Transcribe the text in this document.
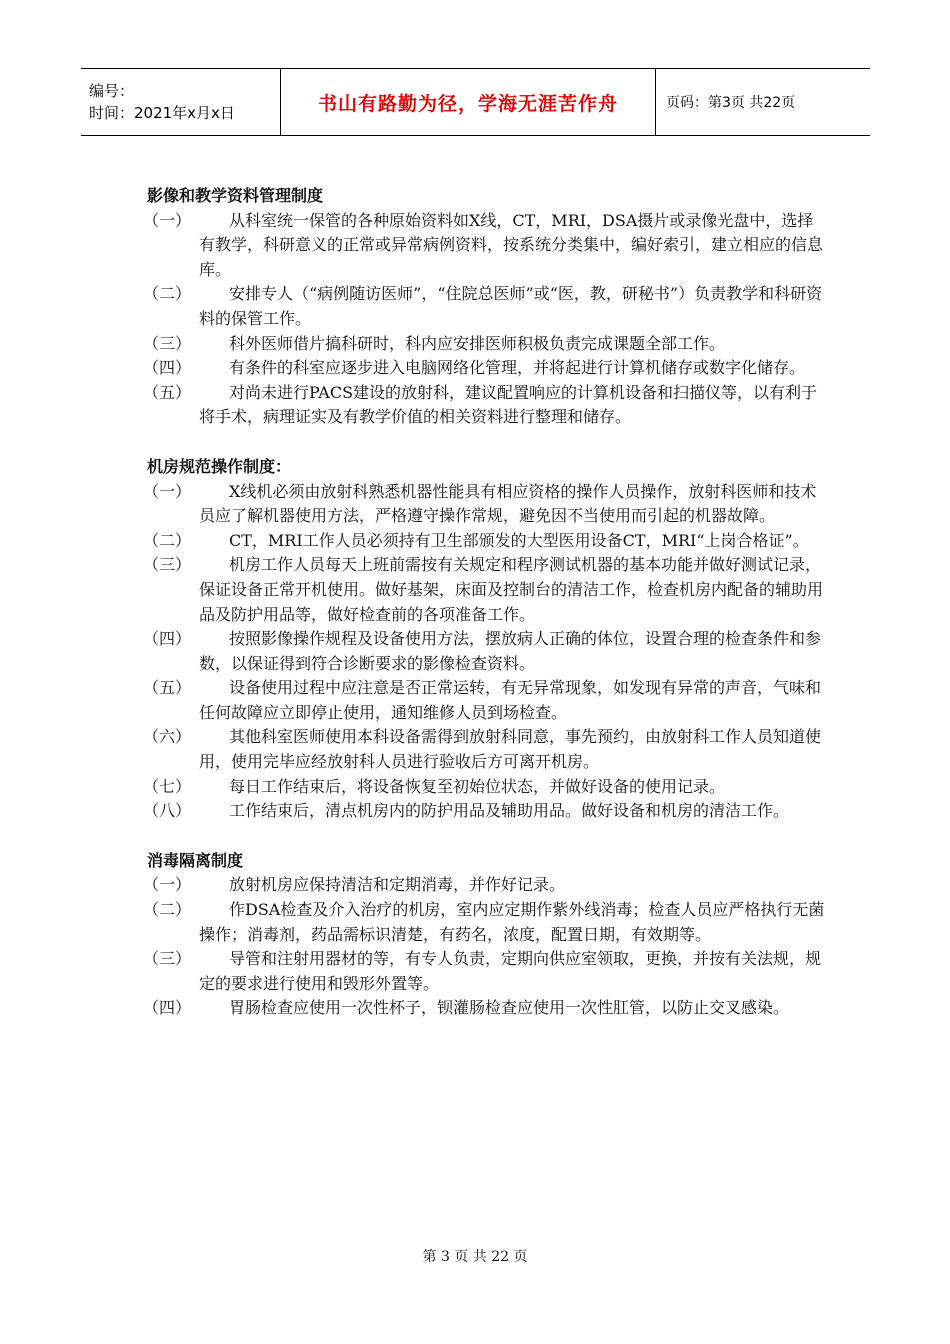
编号：
时间：2021年x月x日	书山有路勤为径，学海无涯苦作舟	页码：第3页 共22页
影像和教学资料管理制度
（一）	从科室统一保管的各种原始资料如X线，CT，MRI，DSA摄片或录像光盘中，选择有教学，科研意义的正常或异常病例资料，按系统分类集中，编好索引，建立相应的信息库。
（二）	安排专人（“病例随访医师”，“住院总医师”或“医，教，研秘书”）负责教学和科研资料的保管工作。
（三）	科外医师借片搞科研时，科内应安排医师积极负责完成课题全部工作。
（四）	有条件的科室应逐步进入电脑网络化管理，并将起进行计算机储存或数字化储存。
（五）	对尚未进行PACS建设的放射科，建议配置响应的计算机设备和扫描仪等，以有利于将手术，病理证实及有教学价值的相关资料进行整理和储存。
机房规范操作制度：
（一）	X线机必须由放射科熟悉机器性能具有相应资格的操作人员操作，放射科医师和技术员应了解机器使用方法，严格遵守操作常规，避免因不当使用而引起的机器故障。
（二）	CT，MRI工作人员必须持有卫生部颁发的大型医用设备CT，MRI“上岗合格证”。
（三）	机房工作人员每天上班前需按有关规定和程序测试机器的基本功能并做好测试记录，保证设备正常开机使用。做好基架，床面及控制台的清洁工作，检查机房内配备的辅助用品及防护用品等，做好检查前的各项准备工作。
（四）	按照影像操作规程及设备使用方法，摆放病人正确的体位，设置合理的检查条件和参数，以保证得到符合诊断要求的影像检查资料。
（五）	设备使用过程中应注意是否正常运转，有无异常现象，如发现有异常的声音，气味和任何故障应立即停止使用，通知维修人员到场检查。
（六）	其他科室医师使用本科设备需得到放射科同意，事先预约，由放射科工作人员知道使用，使用完毕应经放射科人员进行验收后方可离开机房。
（七）	每日工作结束后，将设备恢复至初始位状态，并做好设备的使用记录。
（八）	工作结束后，清点机房内的防护用品及辅助用品。做好设备和机房的清洁工作。
消毒隔离制度
（一）	放射机房应保持清洁和定期消毒，并作好记录。
（二）	作DSA检查及介入治疗的机房，室内应定期作紫外线消毒；检查人员应严格执行无菌操作；消毒剂，药品需标识清楚，有药名，浓度，配置日期，有效期等。
（三）	导管和注射用器材的等，有专人负责，定期向供应室领取，更换，并按有关法规，规定的要求进行使用和毁形外置等。
（四）	胃肠检查应使用一次性杯子，钡灌肠检查应使用一次性肛管，以防止交叉感染。
第 3 页 共 22 页
